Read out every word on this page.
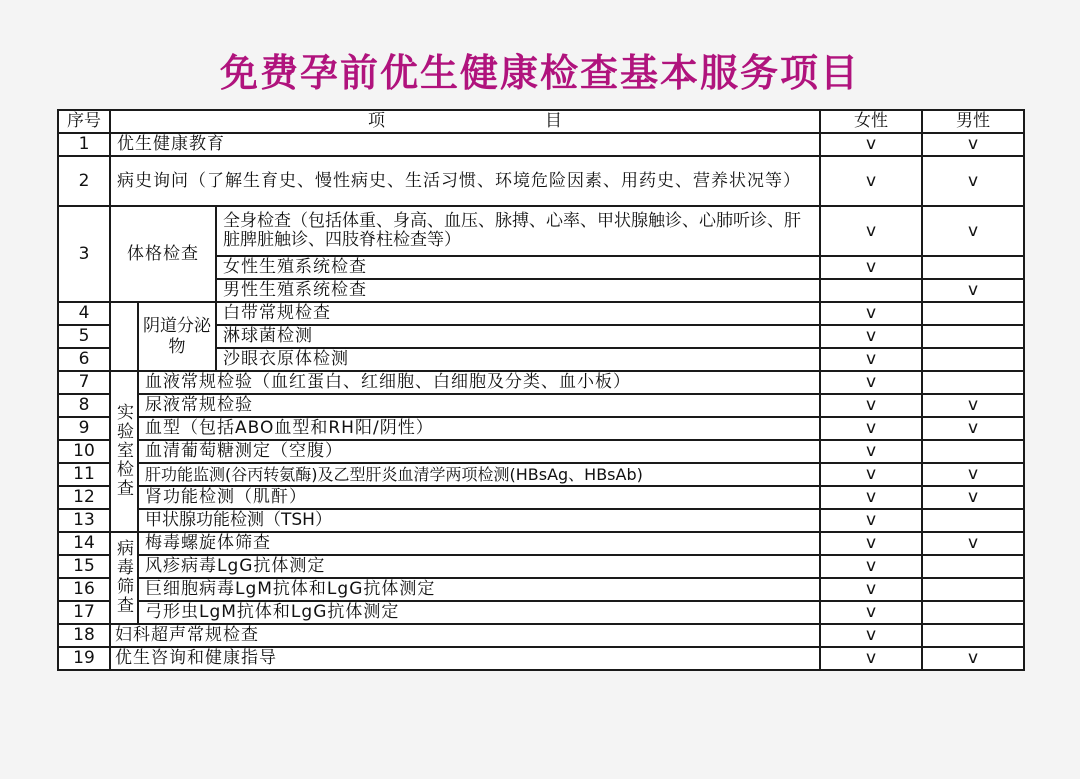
免费孕前优生健康检查基本服务项目
序号	项 目			女性	男性
1	优生健康教育			v	v
2	病史询问（了解生育史、慢性病史、生活习惯、环境危险因素、用药史、营养状况等）			v	v
3	体格检查		全身检查（包括体重、身高、血压、脉搏、心率、甲状腺触诊、心肺听诊、肝脏脾脏触诊、四肢脊柱检查等）	v	v
			女性生殖系统检查	v	
			男性生殖系统检查		v
4		阴道分泌物	白带常规检查	v	
5			淋球菌检测	v	
6			沙眼衣原体检测	v	
7	实验室检查	血液常规检验（血红蛋白、红细胞、白细胞及分类、血小板）		v	
8		尿液常规检验		v	v
9		血型（包括ABO血型和RH阳/阴性）		v	v
10		血清葡萄糖测定（空腹）		v	
11		肝功能监测(谷丙转氨酶)及乙型肝炎血清学两项检测(HBsAg、HBsAb)		v	v
12		肾功能检测（肌酐）		v	v
13		甲状腺功能检测（TSH）		v	
14	病毒筛查	梅毒螺旋体筛查		v	v
15		风疹病毒LgG抗体测定		v	
16		巨细胞病毒LgM抗体和LgG抗体测定		v	
17		弓形虫LgM抗体和LgG抗体测定		v	
18	妇科超声常规检查			v	
19	优生咨询和健康指导			v	v
